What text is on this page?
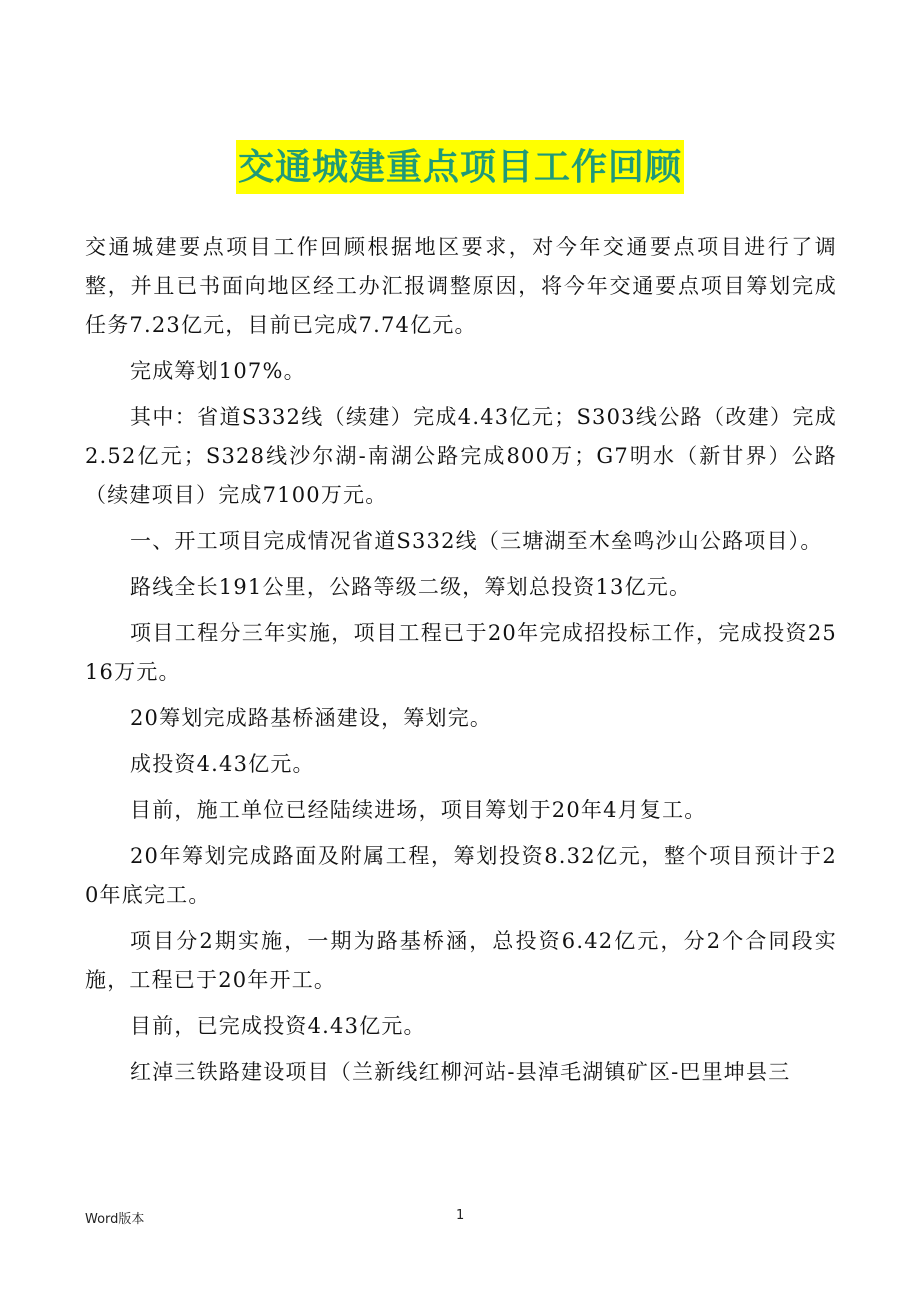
交通城建重点项目工作回顾

交通城建要点项目工作回顾根据地区要求，对今年交通要点项目进行了调整，并且已书面向地区经工办汇报调整原因，将今年交通要点项目筹划完成任务7.23亿元，目前已完成7.74亿元。

完成筹划107%。

其中：省道S332线（续建）完成4.43亿元；S303线公路（改建）完成2.52亿元；S328线沙尔湖-南湖公路完成800万；G7明水（新甘界）公路（续建项目）完成7100万元。

一、开工项目完成情况省道S332线（三塘湖至木垒鸣沙山公路项目）。

路线全长191公里，公路等级二级，筹划总投资13亿元。

项目工程分三年实施，项目工程已于20年完成招投标工作，完成投资2516万元。

20筹划完成路基桥涵建设，筹划完。

成投资4.43亿元。

目前，施工单位已经陆续进场，项目筹划于20年4月复工。

20年筹划完成路面及附属工程，筹划投资8.32亿元，整个项目预计于20年底完工。

项目分2期实施，一期为路基桥涵，总投资6.42亿元，分2个合同段实施，工程已于20年开工。

目前，已完成投资4.43亿元。

红淖三铁路建设项目（兰新线红柳河站-县淖毛湖镇矿区-巴里坤县三

Word版本	1
